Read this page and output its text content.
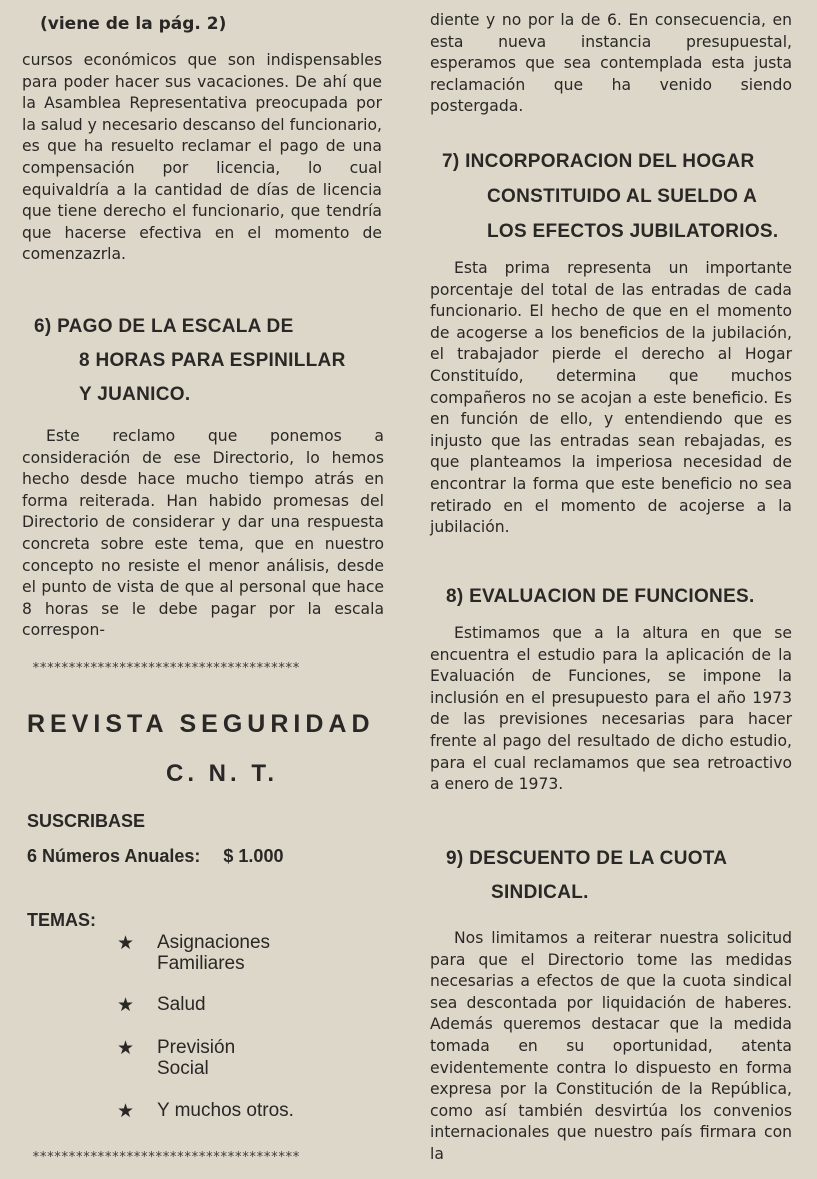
(viene de la pág. 2)

cursos económicos que son indispensables para poder hacer sus vacaciones. De ahí que la Asamblea Representativa preocupada por la salud y necesario descanso del funcionario, es que ha resuelto reclamar el pago de una compensación por licencia, lo cual equivaldría a la cantidad de días de licencia que tiene derecho el funcionario, que tendría que hacerse efectiva en el momento de comenzazrla.

6) PAGO DE LA ESCALA DE
8 HORAS PARA ESPINILLAR
Y JUANICO.

Este reclamo que ponemos a consideración de ese Directorio, lo hemos hecho desde hace mucho tiempo atrás en forma reiterada. Han habido promesas del Directorio de considerar y dar una respuesta concreta sobre este tema, que en nuestro concepto no resiste el menor análisis, desde el punto de vista de que al personal que hace 8 horas se le debe pagar por la escala correspon-

*************************************
REVISTA SEGURIDAD
C. N. T.
SUSCRIBASE
6 Números Anuales: $ 1.000
TEMAS:
★	Asignaciones
Familiares
★	Salud
★	Previsión
Social
★	Y muchos otros.
*************************************

diente y no por la de 6. En consecuencia, en esta nueva instancia presupuestal, esperamos que sea contemplada esta justa reclamación que ha venido siendo postergada.

7) INCORPORACION DEL HOGAR
CONSTITUIDO AL SUELDO A
LOS EFECTOS JUBILATORIOS.

Esta prima representa un importante porcentaje del total de las entradas de cada funcionario. El hecho de que en el momento de acogerse a los beneficios de la jubilación, el trabajador pierde el derecho al Hogar Constituído, determina que muchos compañeros no se acojan a este beneficio. Es en función de ello, y entendiendo que es injusto que las entradas sean rebajadas, es que planteamos la imperiosa necesidad de encontrar la forma que este beneficio no sea retirado en el momento de acojerse a la jubilación.

8) EVALUACION DE FUNCIONES.

Estimamos que a la altura en que se encuentra el estudio para la aplicación de la Evaluación de Funciones, se impone la inclusión en el presupuesto para el año 1973 de las previsiones necesarias para hacer frente al pago del resultado de dicho estudio, para el cual reclamamos que sea retroactivo a enero de 1973.

9) DESCUENTO DE LA CUOTA
SINDICAL.

Nos limitamos a reiterar nuestra solicitud para que el Directorio tome las medidas necesarias a efectos de que la cuota sindical sea descontada por liquidación de haberes. Además queremos destacar que la medida tomada en su oportunidad, atenta evidentemente contra lo dispuesto en forma expresa por la Constitución de la República, como así también desvirtúa los convenios internacionales que nuestro país firmara con la
